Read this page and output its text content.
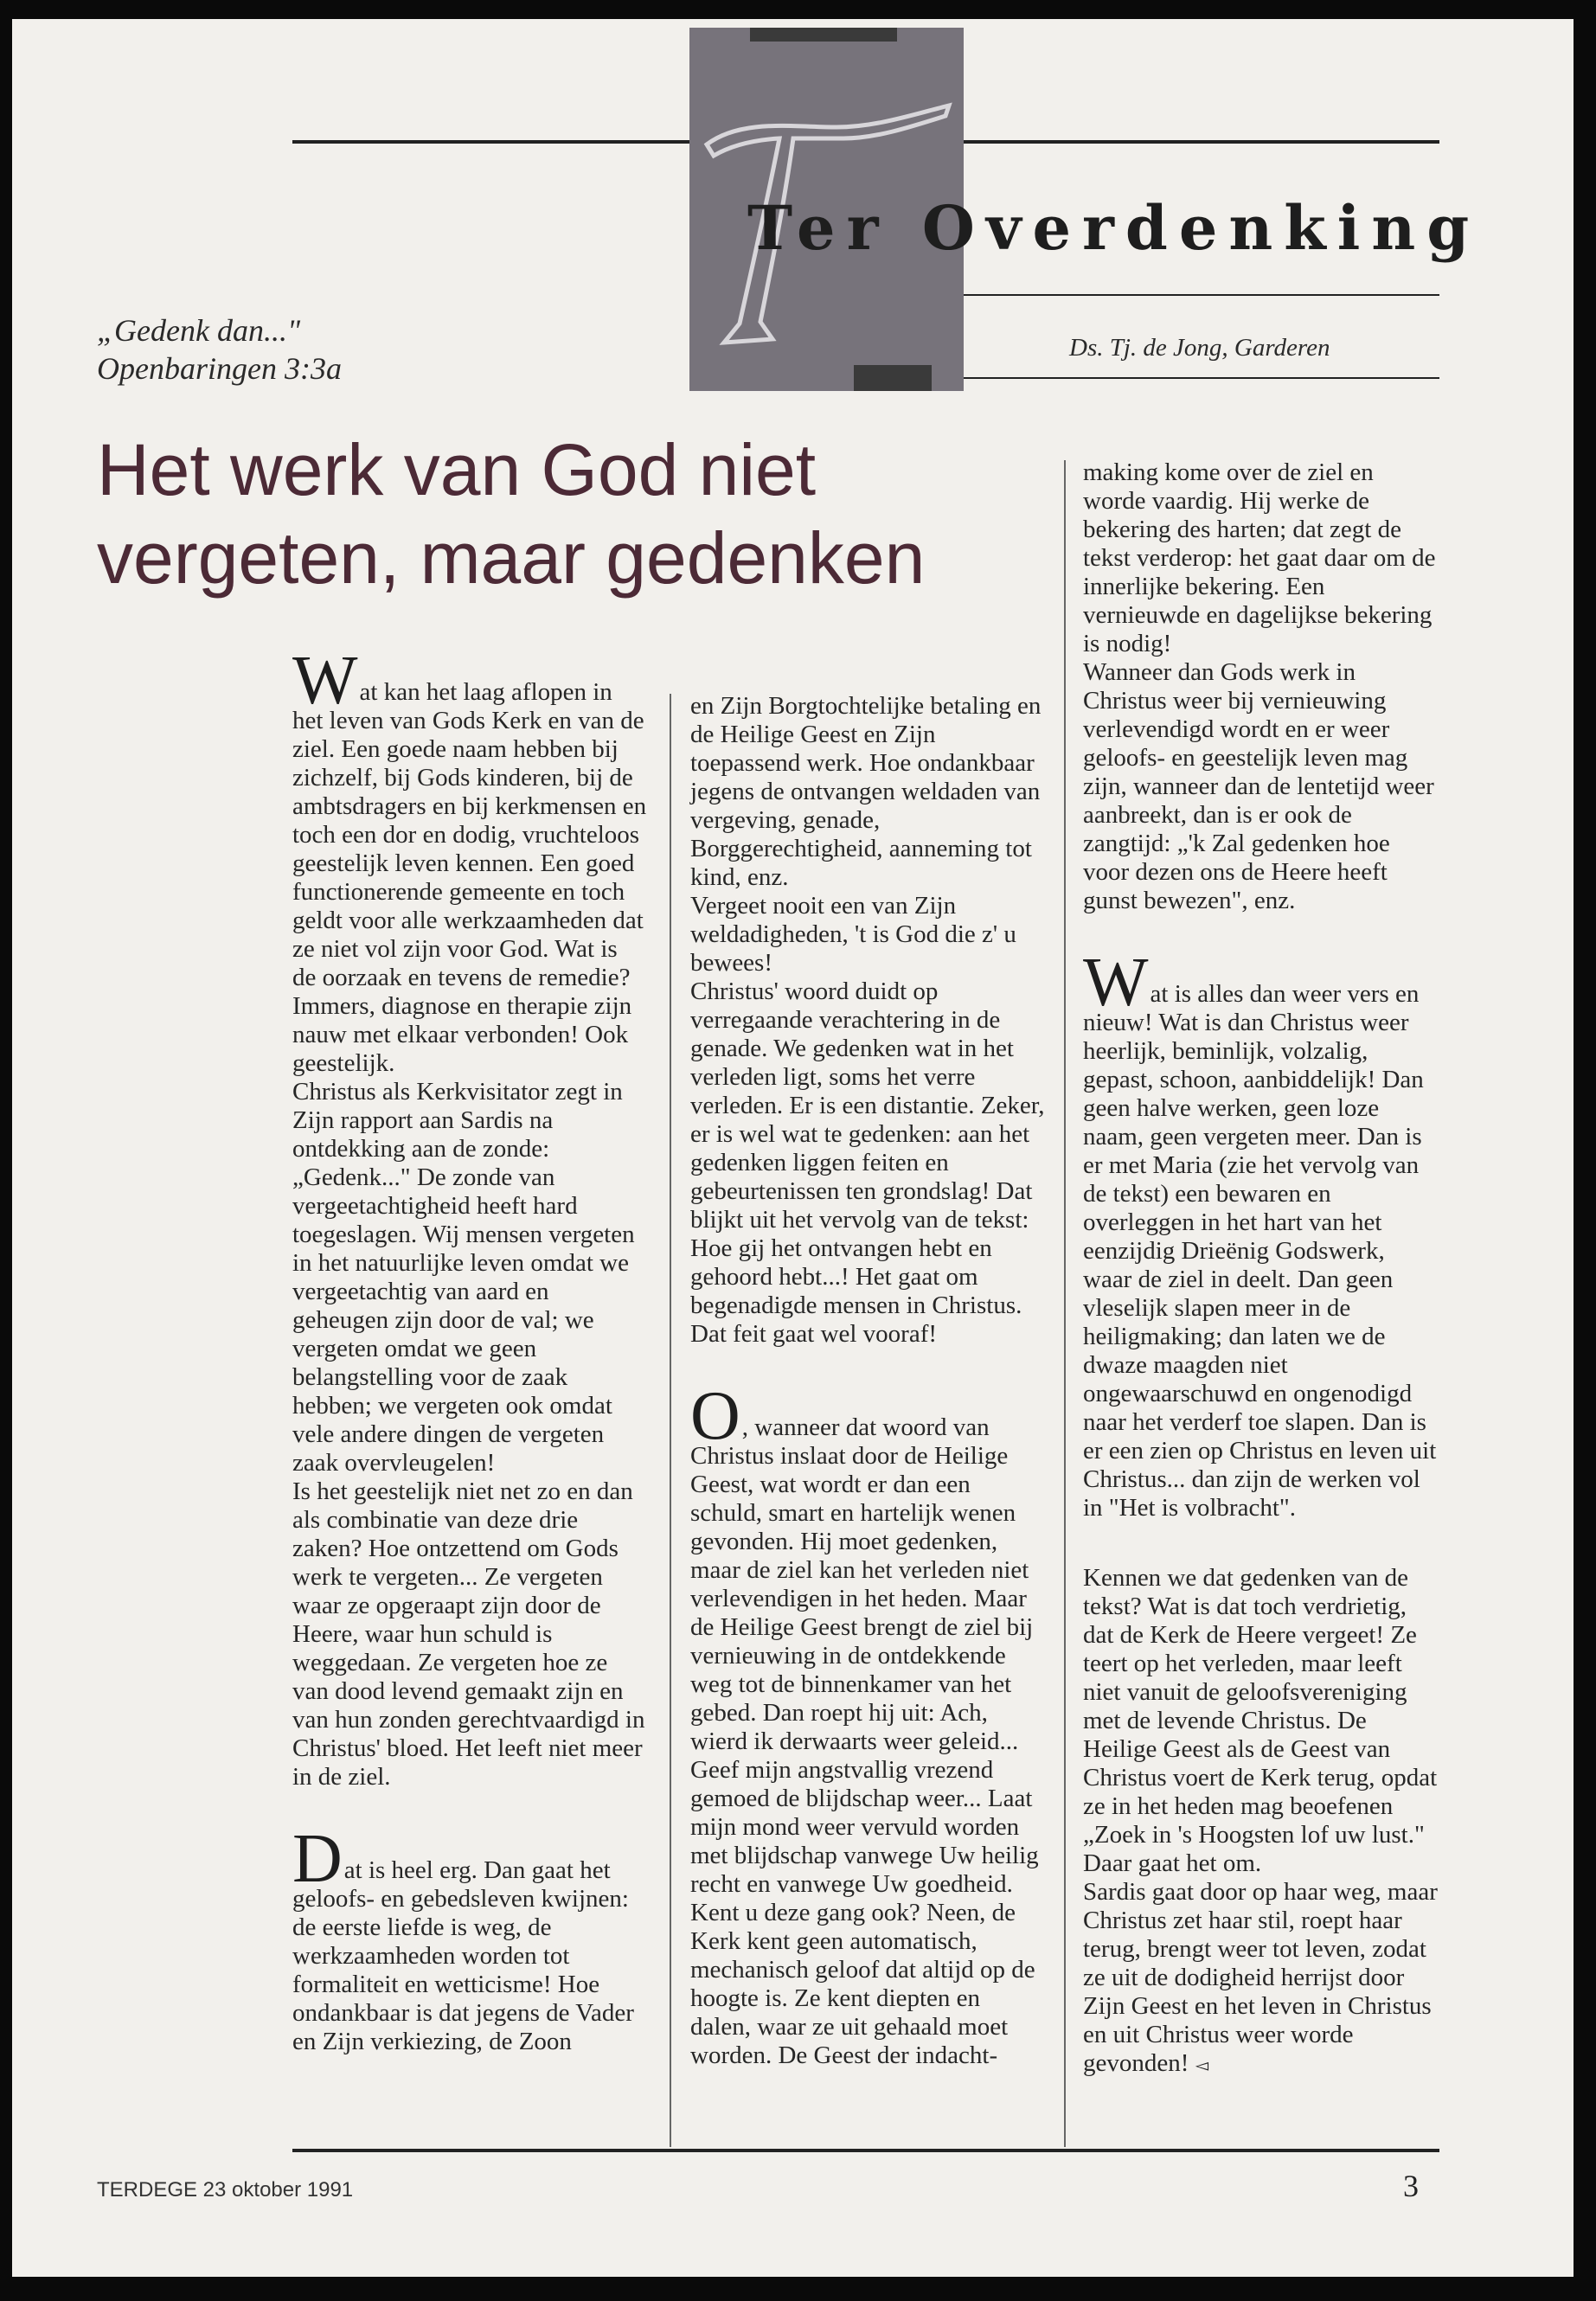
Ter Overdenking
„Gedenk dan..."
Openbaringen 3:3a
Ds. Tj. de Jong, Garderen
Het werk van God niet vergeten, maar gedenken

Wat kan het laag aflopen in het leven van Gods Kerk en van de ziel. Een goede naam hebben bij zichzelf, bij Gods kinderen, bij de ambtsdragers en bij kerkmensen en toch een dor en dodig, vruchteloos geestelijk leven kennen. Een goed functionerende gemeente en toch geldt voor alle werkzaamheden dat ze niet vol zijn voor God. Wat is de oorzaak en tevens de remedie? Immers, diagnose en therapie zijn nauw met elkaar verbonden! Ook geestelijk.

Christus als Kerkvisitator zegt in Zijn rapport aan Sardis na ontdekking aan de zonde: „Gedenk..." De zonde van vergeetachtigheid heeft hard toegeslagen. Wij mensen vergeten in het natuurlijke leven omdat we vergeetachtig van aard en geheugen zijn door de val; we vergeten omdat we geen belangstelling voor de zaak hebben; we vergeten ook omdat vele andere dingen de vergeten zaak overvleugelen!

Is het geestelijk niet net zo en dan als combinatie van deze drie zaken? Hoe ontzettend om Gods werk te vergeten... Ze vergeten waar ze opgeraapt zijn door de Heere, waar hun schuld is weggedaan. Ze vergeten hoe ze van dood levend gemaakt zijn en van hun zonden gerechtvaardigd in Christus' bloed. Het leeft niet meer in de ziel.

Dat is heel erg. Dan gaat het geloofs- en gebedsleven kwijnen: de eerste liefde is weg, de werkzaamheden worden tot formaliteit en wetticisme! Hoe ondankbaar is dat jegens de Vader en Zijn verkiezing, de Zoon

en Zijn Borgtochtelijke betaling en de Heilige Geest en Zijn toepassend werk. Hoe ondankbaar jegens de ontvangen weldaden van vergeving, genade, Borggerechtigheid, aanneming tot kind, enz.

Vergeet nooit een van Zijn weldadigheden, 't is God die z' u bewees!

Christus' woord duidt op verregaande verachtering in de genade. We gedenken wat in het verleden ligt, soms het verre verleden. Er is een distantie. Zeker, er is wel wat te gedenken: aan het gedenken liggen feiten en gebeurtenissen ten grondslag! Dat blijkt uit het vervolg van de tekst: Hoe gij het ontvangen hebt en gehoord hebt...! Het gaat om begenadigde mensen in Christus. Dat feit gaat wel vooraf!

O, wanneer dat woord van Christus inslaat door de Heilige Geest, wat wordt er dan een schuld, smart en hartelijk wenen gevonden. Hij moet gedenken, maar de ziel kan het verleden niet verlevendigen in het heden. Maar de Heilige Geest brengt de ziel bij vernieuwing in de ontdekkende weg tot de binnenkamer van het gebed. Dan roept hij uit: Ach, wierd ik derwaarts weer geleid... Geef mijn angstvallig vrezend gemoed de blijdschap weer... Laat mijn mond weer vervuld worden met blijdschap vanwege Uw heilig recht en vanwege Uw goedheid.

Kent u deze gang ook? Neen, de Kerk kent geen automatisch, mechanisch geloof dat altijd op de hoogte is. Ze kent diepten en dalen, waar ze uit gehaald moet worden. De Geest der indacht-

making kome over de ziel en worde vaardig. Hij werke de bekering des harten; dat zegt de tekst verderop: het gaat daar om de innerlijke bekering. Een vernieuwde en dagelijkse bekering is nodig!

Wanneer dan Gods werk in Christus weer bij vernieuwing verlevendigd wordt en er weer geloofs- en geestelijk leven mag zijn, wanneer dan de lentetijd weer aanbreekt, dan is er ook de zangtijd: „'k Zal gedenken hoe voor dezen ons de Heere heeft gunst bewezen", enz.

Wat is alles dan weer vers en nieuw! Wat is dan Christus weer heerlijk, beminlijk, volzalig, gepast, schoon, aanbiddelijk! Dan geen halve werken, geen loze naam, geen vergeten meer. Dan is er met Maria (zie het vervolg van de tekst) een bewaren en overleggen in het hart van het eenzijdig Drieënig Godswerk, waar de ziel in deelt. Dan geen vleselijk slapen meer in de heiligmaking; dan laten we de dwaze maagden niet ongewaarschuwd en ongenodigd naar het verderf toe slapen. Dan is er een zien op Christus en leven uit Christus... dan zijn de werken vol in "Het is volbracht".

Kennen we dat gedenken van de tekst? Wat is dat toch verdrietig, dat de Kerk de Heere vergeet! Ze teert op het verleden, maar leeft niet vanuit de geloofsvereniging met de levende Christus. De Heilige Geest als de Geest van Christus voert de Kerk terug, opdat ze in het heden mag beoefenen „Zoek in 's Hoogsten lof uw lust." Daar gaat het om.

Sardis gaat door op haar weg, maar Christus zet haar stil, roept haar terug, brengt weer tot leven, zodat ze uit de dodigheid herrijst door Zijn Geest en het leven in Christus en uit Christus weer worde gevonden! ◅

TERDEGE 23 oktober 1991	3
